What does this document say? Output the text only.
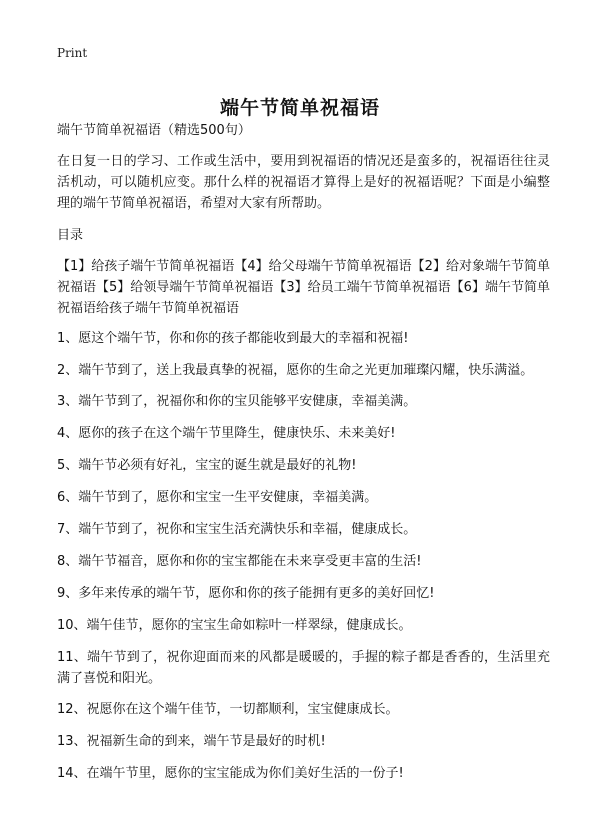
Print
端午节简单祝福语

端午节简单祝福语（精选500句）

在日复一日的学习、工作或生活中，要用到祝福语的情况还是蛮多的，祝福语往往灵活机动，可以随机应变。那什么样的祝福语才算得上是好的祝福语呢？下面是小编整理的端午节简单祝福语，希望对大家有所帮助。

目录

【1】给孩子端午节简单祝福语【4】给父母端午节简单祝福语【2】给对象端午节简单祝福语【5】给领导端午节简单祝福语【3】给员工端午节简单祝福语【6】端午节简单祝福语给孩子端午节简单祝福语

1、愿这个端午节，你和你的孩子都能收到最大的幸福和祝福!

2、端午节到了，送上我最真挚的祝福，愿你的生命之光更加璀璨闪耀，快乐满溢。

3、端午节到了，祝福你和你的宝贝能够平安健康，幸福美满。

4、愿你的孩子在这个端午节里降生，健康快乐、未来美好!

5、端午节必须有好礼，宝宝的诞生就是最好的礼物!

6、端午节到了，愿你和宝宝一生平安健康，幸福美满。

7、端午节到了，祝你和宝宝生活充满快乐和幸福，健康成长。

8、端午节福音，愿你和你的宝宝都能在未来享受更丰富的生活!

9、多年来传承的端午节，愿你和你的孩子能拥有更多的美好回忆!

10、端午佳节，愿你的宝宝生命如粽叶一样翠绿，健康成长。

11、端午节到了，祝你迎面而来的风都是暖暖的，手握的粽子都是香香的，生活里充满了喜悦和阳光。

12、祝愿你在这个端午佳节，一切都顺利，宝宝健康成长。

13、祝福新生命的到来，端午节是最好的时机!

14、在端午节里，愿你的宝宝能成为你们美好生活的一份子!
